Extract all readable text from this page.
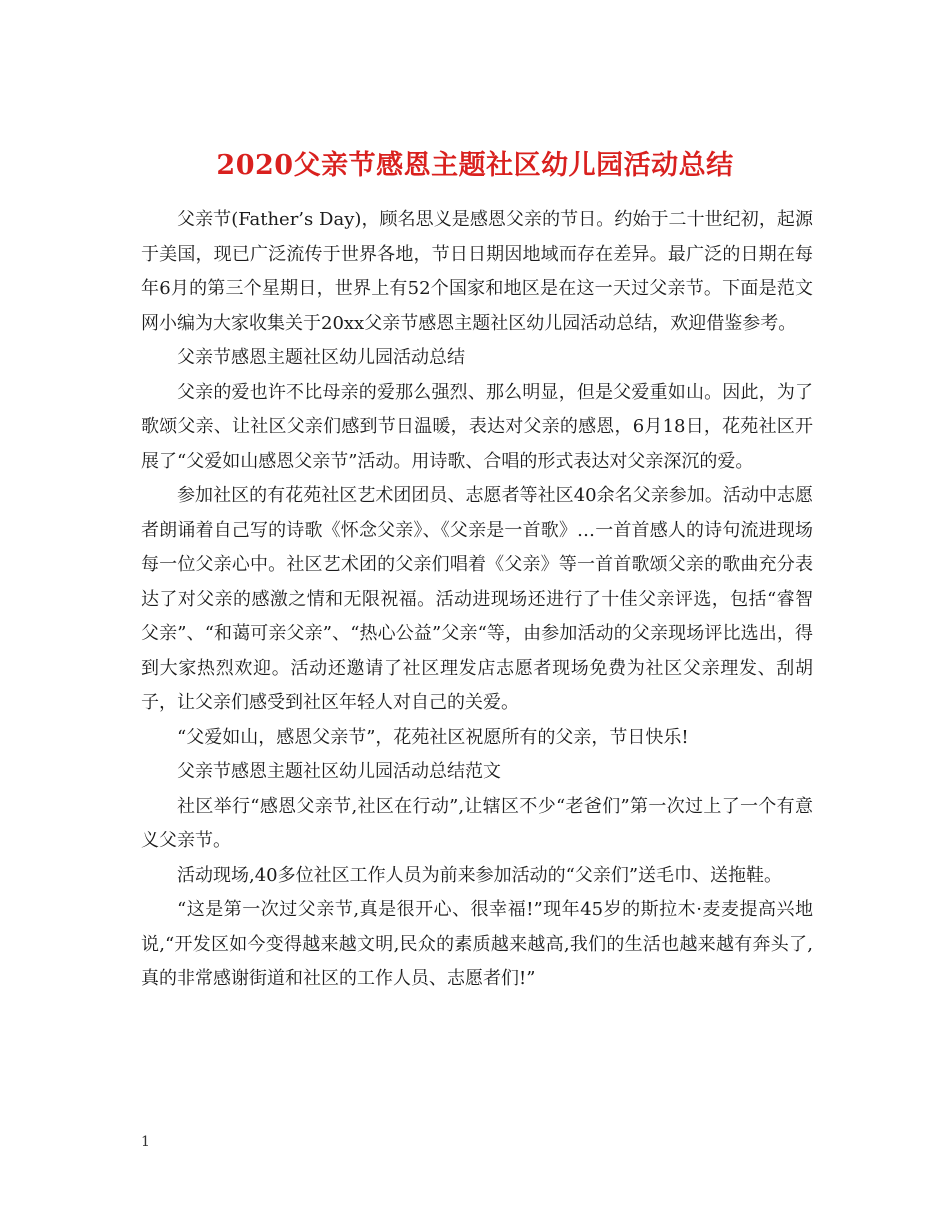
2020父亲节感恩主题社区幼儿园活动总结

父亲节(Father’s Day)，顾名思义是感恩父亲的节日。约始于二十世纪初，起源于美国，现已广泛流传于世界各地，节日日期因地域而存在差异。最广泛的日期在每年6月的第三个星期日，世界上有52个国家和地区是在这一天过父亲节。下面是范文网小编为大家收集关于20xx父亲节感恩主题社区幼儿园活动总结，欢迎借鉴参考。

父亲节感恩主题社区幼儿园活动总结

父亲的爱也许不比母亲的爱那么强烈、那么明显，但是父爱重如山。因此，为了歌颂父亲、让社区父亲们感到节日温暖，表达对父亲的感恩，6月18日，花苑社区开展了“父爱如山感恩父亲节”活动。用诗歌、合唱的形式表达对父亲深沉的爱。

参加社区的有花苑社区艺术团团员、志愿者等社区40余名父亲参加。活动中志愿者朗诵着自己写的诗歌《怀念父亲》、《父亲是一首歌》…一首首感人的诗句流进现场每一位父亲心中。社区艺术团的父亲们唱着《父亲》等一首首歌颂父亲的歌曲充分表达了对父亲的感激之情和无限祝福。活动进现场还进行了十佳父亲评选，包括“睿智父亲”、“和蔼可亲父亲”、“热心公益”父亲“等，由参加活动的父亲现场评比选出，得到大家热烈欢迎。活动还邀请了社区理发店志愿者现场免费为社区父亲理发、刮胡子，让父亲们感受到社区年轻人对自己的关爱。

“父爱如山，感恩父亲节”，花苑社区祝愿所有的父亲，节日快乐!

父亲节感恩主题社区幼儿园活动总结范文

社区举行“感恩父亲节,社区在行动”,让辖区不少“老爸们”第一次过上了一个有意义父亲节。

活动现场,40多位社区工作人员为前来参加活动的“父亲们”送毛巾、送拖鞋。

“这是第一次过父亲节,真是很开心、很幸福!”现年45岁的斯拉木·麦麦提高兴地说,“开发区如今变得越来越文明,民众的素质越来越高,我们的生活也越来越有奔头了,真的非常感谢街道和社区的工作人员、志愿者们!”

1
